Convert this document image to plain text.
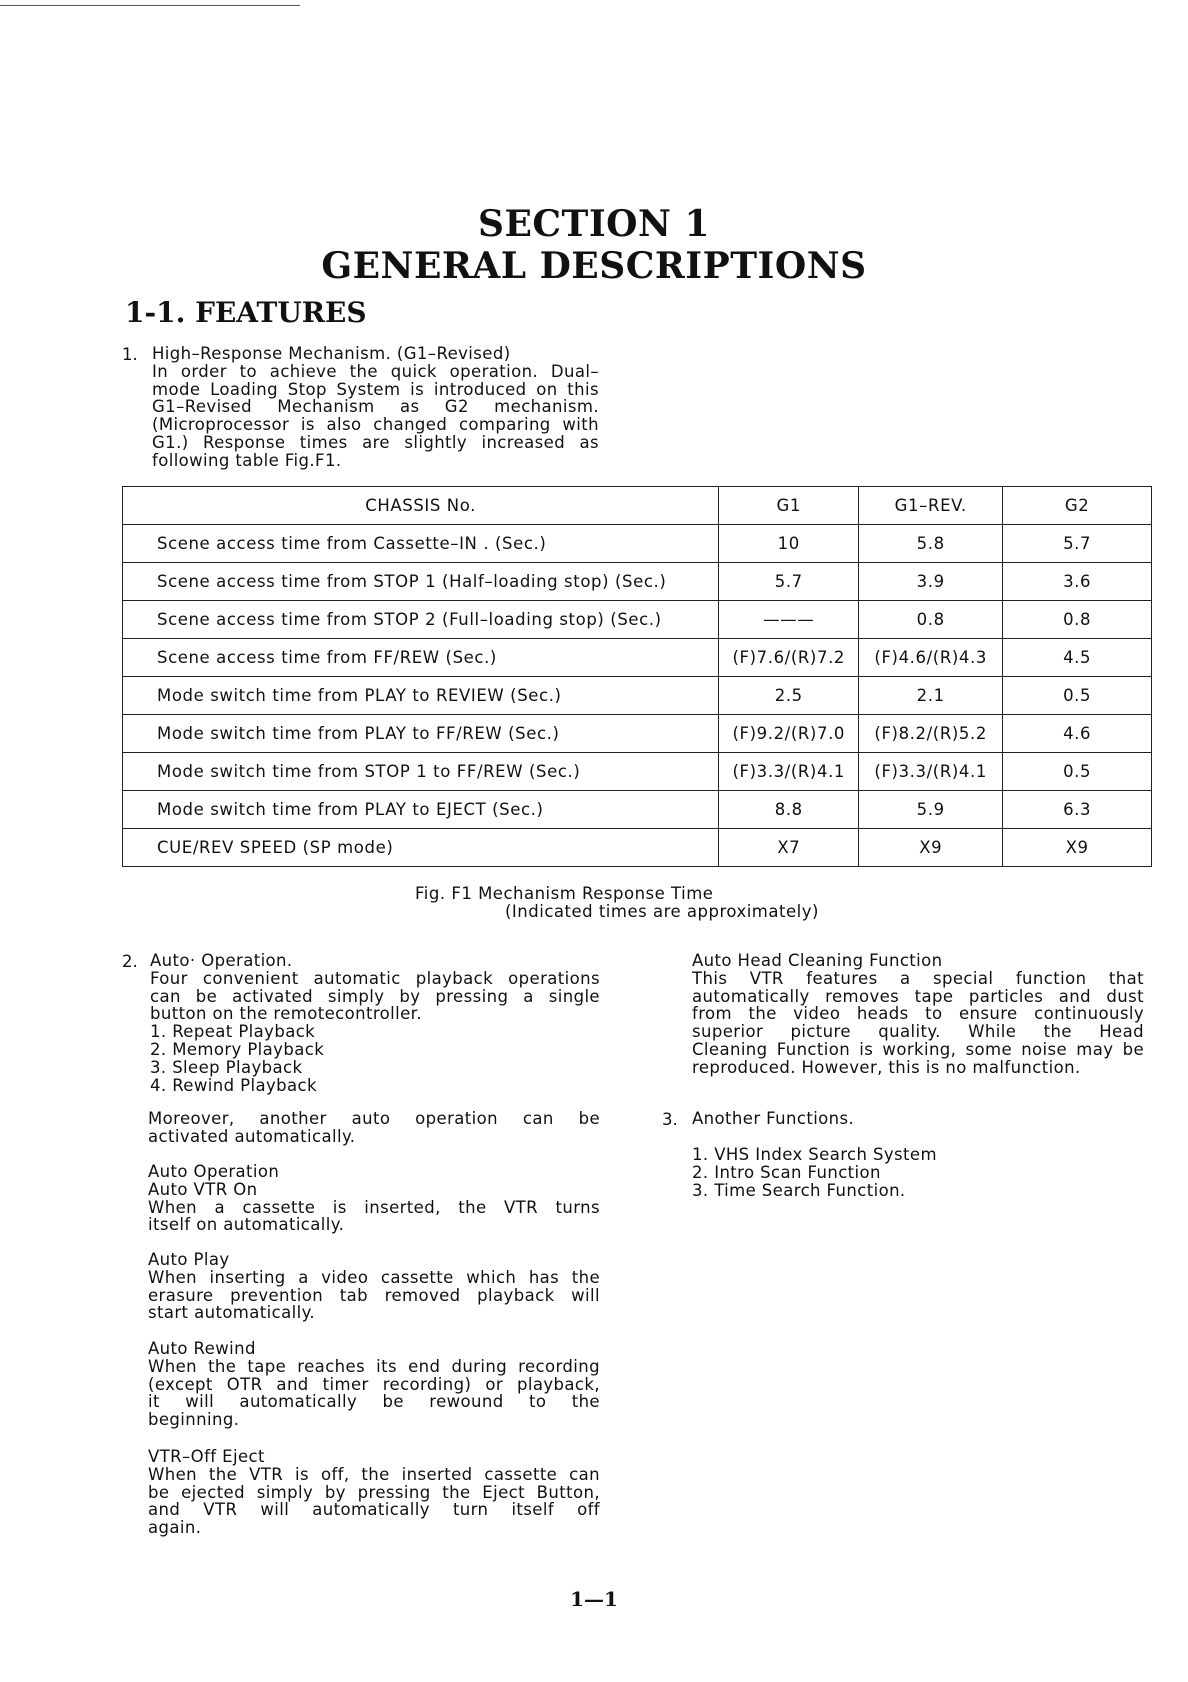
SECTION 1
GENERAL DESCRIPTIONS
1-1. FEATURES
1. High–Response Mechanism. (G1–Revised)
In order to achieve the quick operation. Dual–
mode Loading Stop System is introduced on this
G1–Revised Mechanism as G2 mechanism.
(Microprocessor is also changed comparing with
G1.) Response times are slightly increased as
following table Fig.F1.
CHASSIS No.	G1	G1–REV.	G2
Scene access time from Cassette–IN . (Sec.)	10	5.8	5.7
Scene access time from STOP 1 (Half–loading stop) (Sec.)	5.7	3.9	3.6
Scene access time from STOP 2 (Full–loading stop) (Sec.)	———	0.8	0.8
Scene access time from FF/REW (Sec.)	(F)7.6/(R)7.2	(F)4.6/(R)4.3	4.5
Mode switch time from PLAY to REVIEW (Sec.)	2.5	2.1	0.5
Mode switch time from PLAY to FF/REW (Sec.)	(F)9.2/(R)7.0	(F)8.2/(R)5.2	4.6
Mode switch time from STOP 1 to FF/REW (Sec.)	(F)3.3/(R)4.1	(F)3.3/(R)4.1	0.5
Mode switch time from PLAY to EJECT (Sec.)	8.8	5.9	6.3
CUE/REV SPEED (SP mode)	X7	X9	X9
Fig. F1 Mechanism Response Time
(Indicated times are approximately)
2. Auto· Operation.
Four convenient automatic playback operations
can be activated simply by pressing a single
button on the remotecontroller.
1. Repeat Playback
2. Memory Playback
3. Sleep Playback
4. Rewind Playback
Moreover, another auto operation can be
activated automatically.
Auto Operation
Auto VTR On
When a cassette is inserted, the VTR turns
itself on automatically.
Auto Play
When inserting a video cassette which has the
erasure prevention tab removed playback will
start automatically.
Auto Rewind
When the tape reaches its end during recording
(except OTR and timer recording) or playback,
it will automatically be rewound to the
beginning.
VTR–Off Eject
When the VTR is off, the inserted cassette can
be ejected simply by pressing the Eject Button,
and VTR will automatically turn itself off
again.
Auto Head Cleaning Function
This VTR features a special function that
automatically removes tape particles and dust
from the video heads to ensure continuously
superior picture quality. While the Head
Cleaning Function is working, some noise may be
reproduced. However, this is no malfunction.
3. Another Functions.
1. VHS Index Search System
2. Intro Scan Function
3. Time Search Function.
1—1
